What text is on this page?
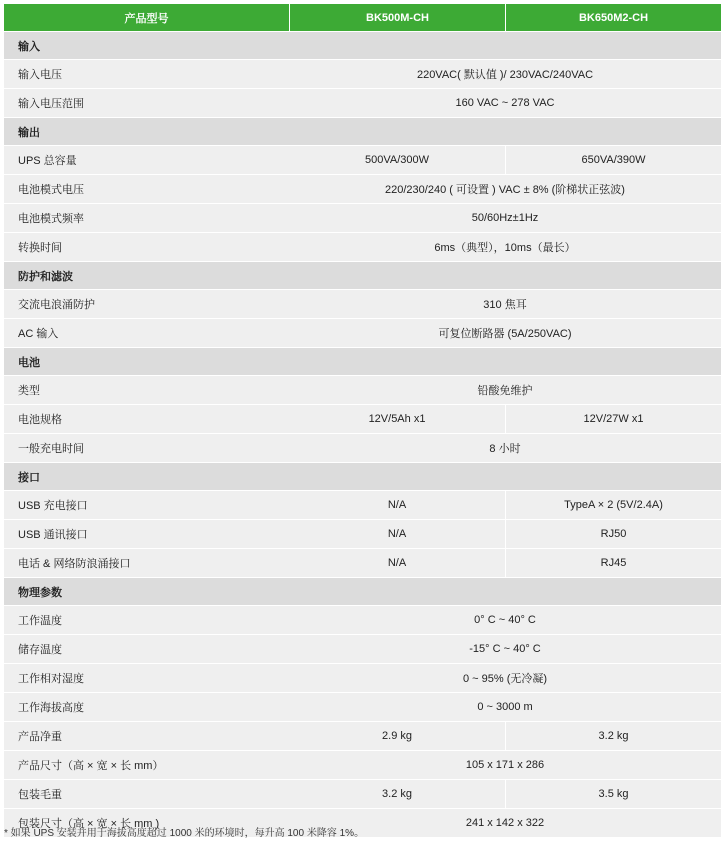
产品型号	BK500M-CH	BK650M2-CH
输入		
输入电压	220VAC( 默认值 )/ 230VAC/240VAC	
输入电压范围	160 VAC ~ 278 VAC	
输出		
UPS 总容量	500VA/300W	650VA/390W
电池模式电压	220/230/240 ( 可设置 ) VAC ± 8% (阶梯状正弦波)	
电池模式频率	50/60Hz±1Hz	
转换时间	6ms（典型），10ms（最长）	
防护和滤波		
交流电浪涌防护	310 焦耳	
AC 输入	可复位断路器 (5A/250VAC)	
电池		
类型	铅酸免维护	
电池规格	12V/5Ah x1	12V/27W x1
一般充电时间	8 小时	
接口		
USB 充电接口	N/A	TypeA × 2 (5V/2.4A)
USB 通讯接口	N/A	RJ50
电话 & 网络防浪涌接口	N/A	RJ45
物理参数		
工作温度	0° C ~ 40° C	
储存温度	-15° C ~ 40° C	
工作相对湿度	0 ~ 95% (无冷凝)	
工作海拔高度	0 ~ 3000 m	
产品净重	2.9 kg	3.2 kg
产品尺寸（高 × 宽 × 长 mm）	105 x 171 x 286	
包装毛重	3.2 kg	3.5 kg
包装尺寸（高 × 宽 × 长 mm )	241 x 142 x 322	
* 如果 UPS 安装并用于海拔高度超过 1000 米的环境时，每升高 100 米降容 1%。
